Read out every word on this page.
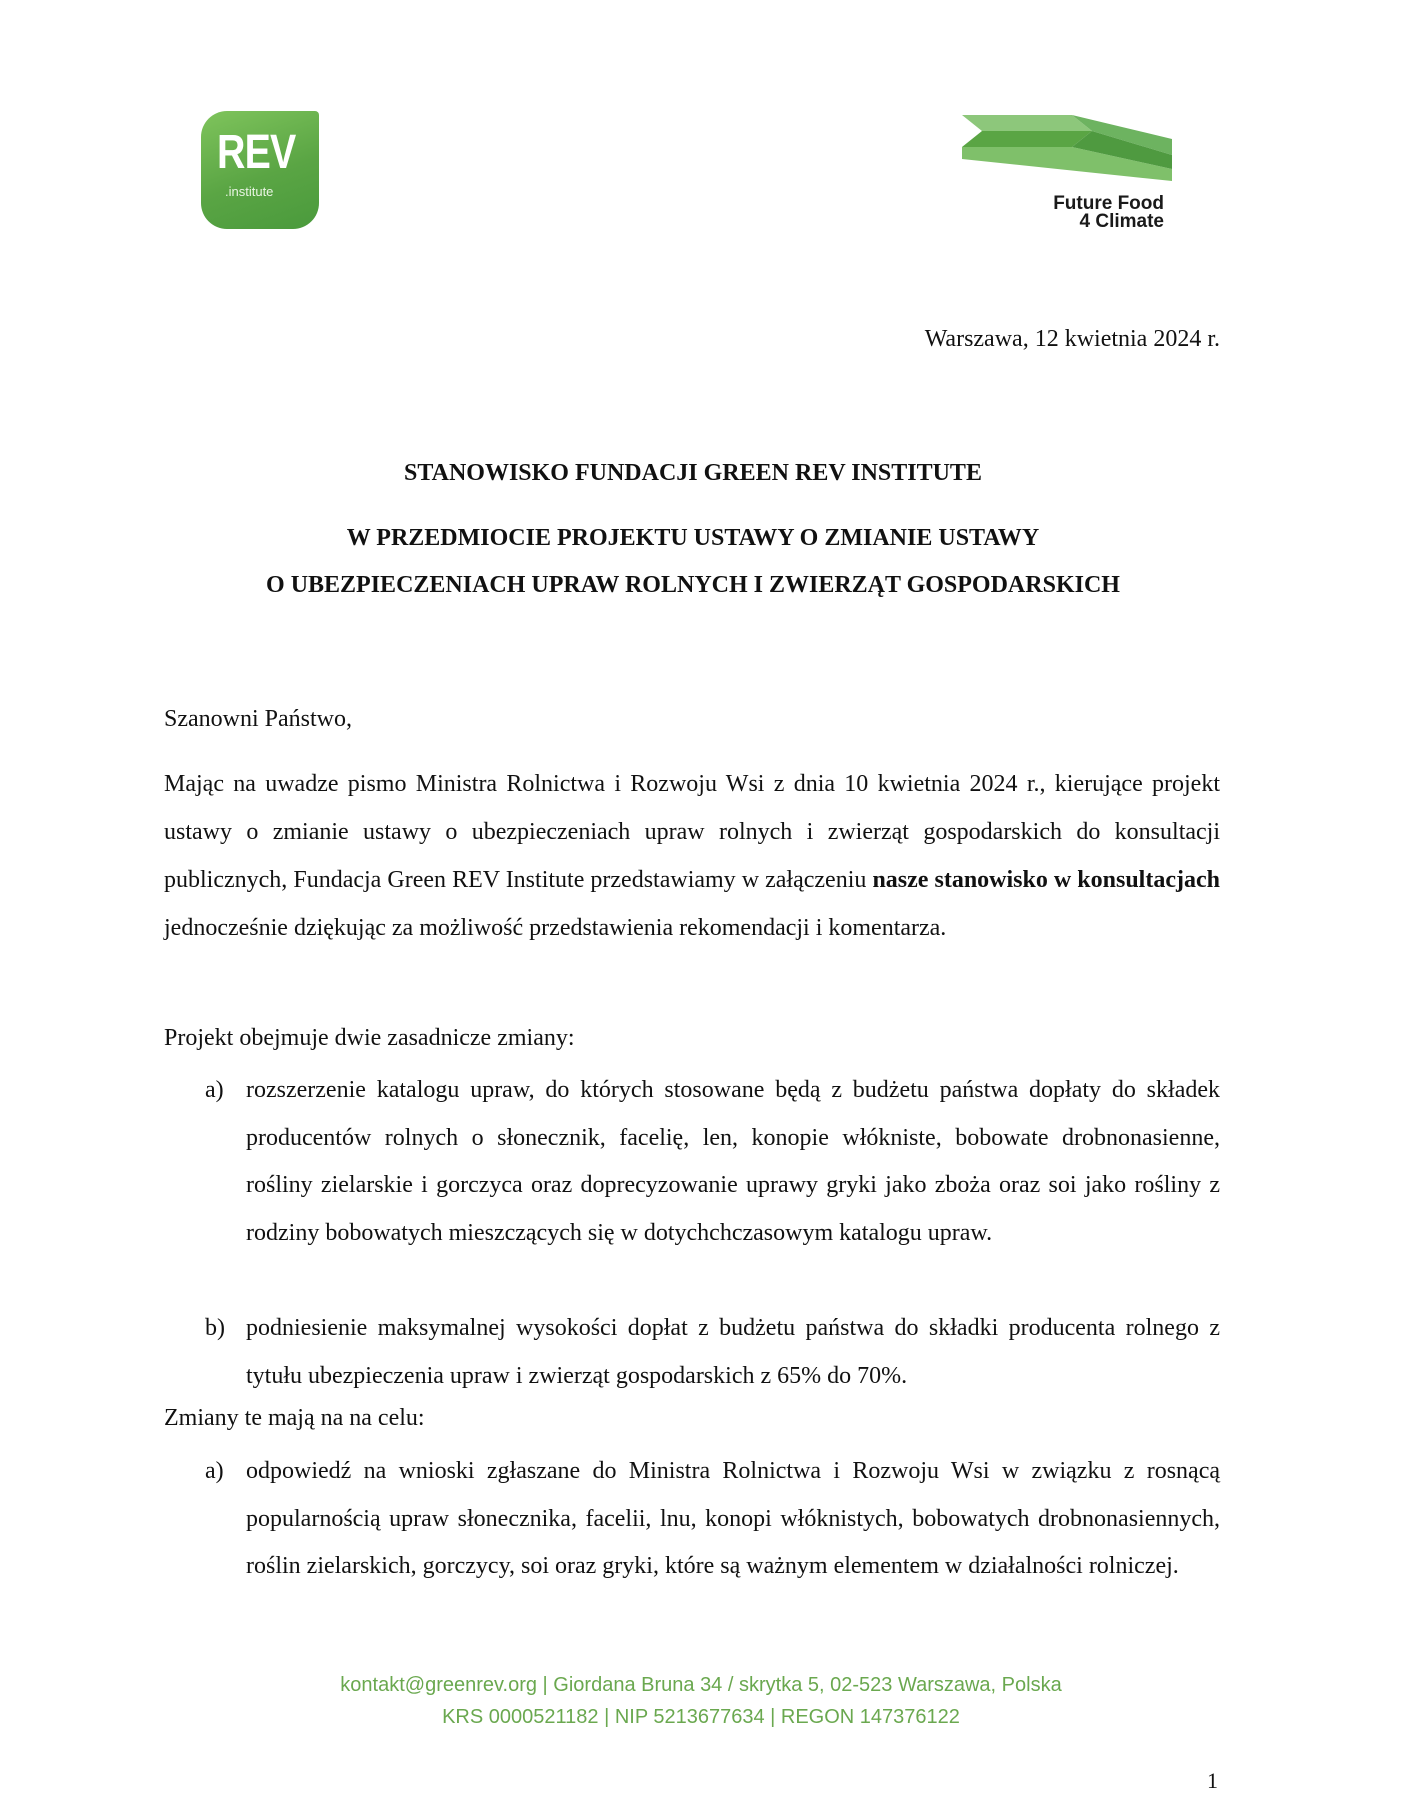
REV
.institute
Future Food
4 Climate
Warszawa, 12 kwietnia 2024 r.
STANOWISKO FUNDACJI GREEN REV INSTITUTE
W PRZEDMIOCIE PROJEKTU USTAWY O ZMIANIE USTAWY
O UBEZPIECZENIACH UPRAW ROLNYCH I ZWIERZĄT GOSPODARSKICH
Szanowni Państwo,
Mając na uwadze pismo Ministra Rolnictwa i Rozwoju Wsi z dnia 10 kwietnia 2024 r., kierujące projekt ustawy o zmianie ustawy o ubezpieczeniach upraw rolnych i zwierząt gospodarskich do konsultacji publicznych, Fundacja Green REV Institute przedstawiamy w załączeniu nasze stanowisko w konsultacjach jednocześnie dziękując za możliwość przedstawienia rekomendacji i komentarza.
Projekt obejmuje dwie zasadnicze zmiany:
a) rozszerzenie katalogu upraw, do których stosowane będą z budżetu państwa dopłaty do składek producentów rolnych o słonecznik, facelię, len, konopie włókniste, bobowate drobnonasienne, rośliny zielarskie i gorczyca oraz doprecyzowanie uprawy gryki jako zboża oraz soi jako rośliny z rodziny bobowatych mieszczących się w dotychchczasowym katalogu upraw.
b) podniesienie maksymalnej wysokości dopłat z budżetu państwa do składki producenta rolnego z tytułu ubezpieczenia upraw i zwierząt gospodarskich z 65% do 70%.
Zmiany te mają na na celu:
a) odpowiedź na wnioski zgłaszane do Ministra Rolnictwa i Rozwoju Wsi w związku z rosnącą popularnością upraw słonecznika, facelii, lnu, konopi włóknistych, bobowatych drobnonasiennych, roślin zielarskich, gorczycy, soi oraz gryki, które są ważnym elementem w działalności rolniczej.
kontakt@greenrev.org | Giordana Bruna 34 / skrytka 5, 02-523 Warszawa, Polska
KRS 0000521182 | NIP 5213677634 | REGON 147376122
1
